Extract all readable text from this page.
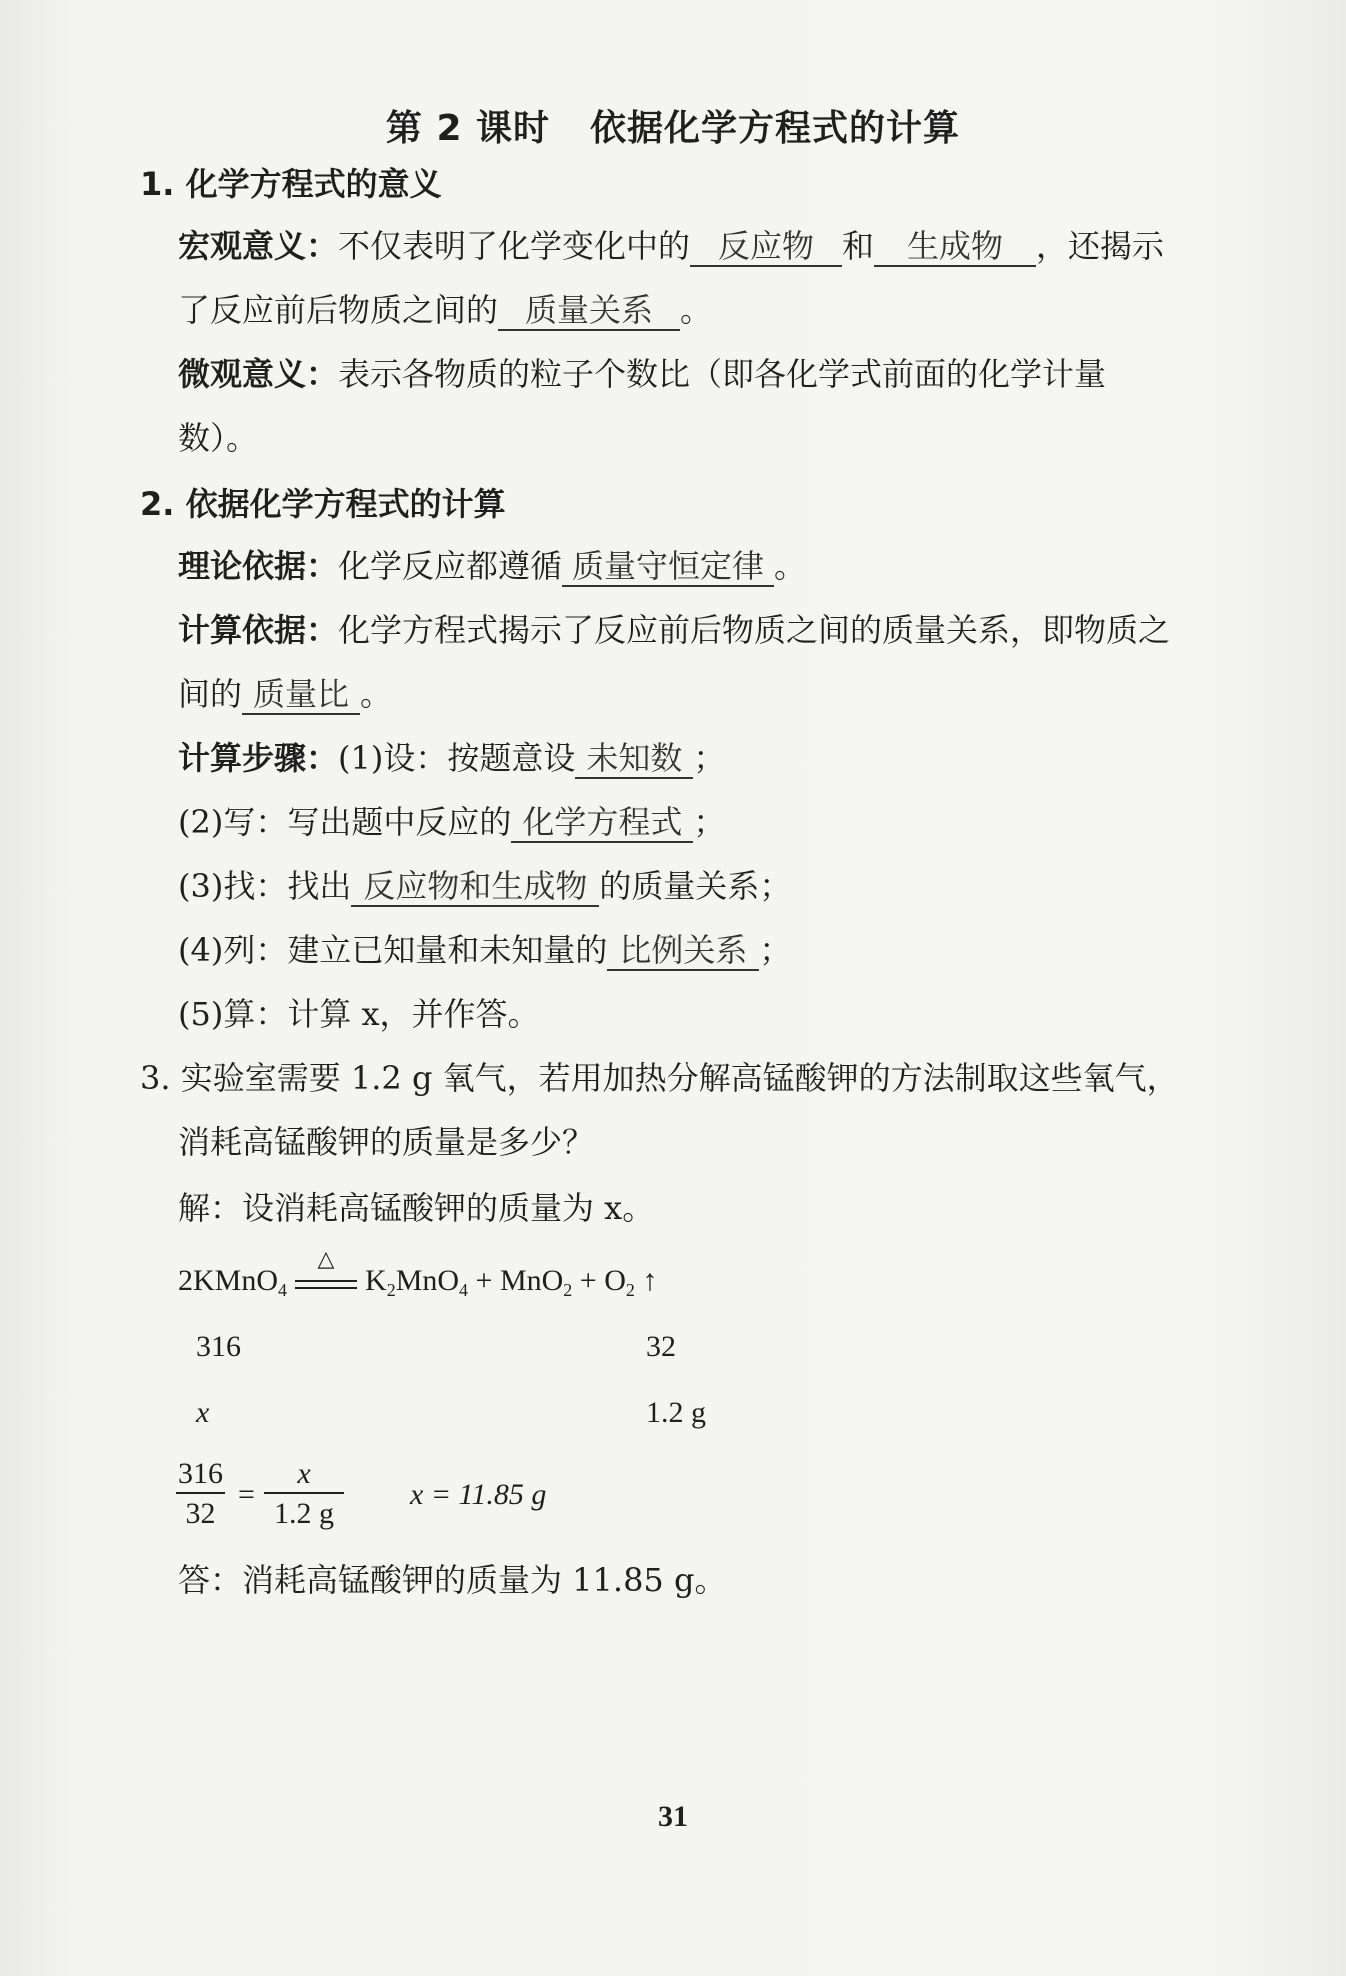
第 2 课时 依据化学方程式的计算
1. 化学方程式的意义
宏观意义：不仅表明了化学变化中的 反应物 和 生成物 ，还揭示
了反应前后物质之间的 质量关系 。
微观意义：表示各物质的粒子个数比（即各化学式前面的化学计量
数）。
2. 依据化学方程式的计算
理论依据：化学反应都遵循 质量守恒定律 。
计算依据：化学方程式揭示了反应前后物质之间的质量关系，即物质之
间的 质量比 。
计算步骤：(1)设：按题意设 未知数 ；
(2)写：写出题中反应的 化学方程式 ；
(3)找：找出 反应物和生成物 的质量关系；
(4)列：建立已知量和未知量的 比例关系 ；
(5)算：计算 x，并作答。
3. 实验室需要 1.2 g 氧气，若用加热分解高锰酸钾的方法制取这些氧气，
消耗高锰酸钾的质量是多少？
解：设消耗高锰酸钾的质量为 x。
2KMnO$_4$
△
$K_2MnO_4 + MnO_2 + O_2$ ↑
316	32
x	1.2 g
$\frac{316}{32} = \frac{x}{1.2 g}$ x = 11.85 g
答：消耗高锰酸钾的质量为 11.85 g。
31
